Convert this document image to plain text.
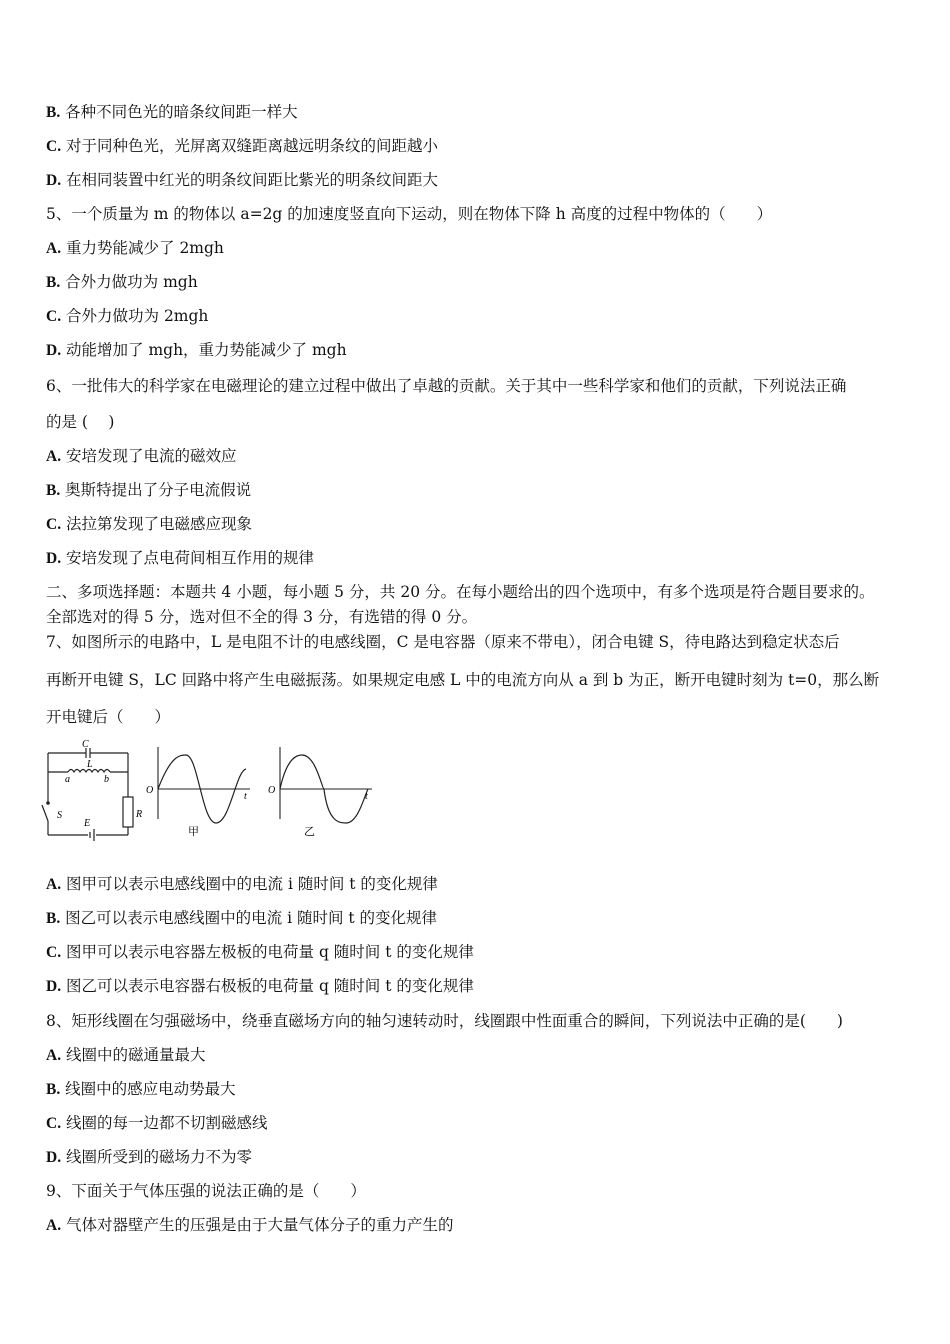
B. 各种不同色光的暗条纹间距一样大
C. 对于同种色光，光屏离双缝距离越远明条纹的间距越小
D. 在相同装置中红光的明条纹间距比紫光的明条纹间距大
5、一个质量为 m 的物体以 a=2g 的加速度竖直向下运动，则在物体下降 h 高度的过程中物体的（　　）
A. 重力势能减少了 2mgh
B. 合外力做功为 mgh
C. 合外力做功为 2mgh
D. 动能增加了 mgh，重力势能减少了 mgh
6、一批伟大的科学家在电磁理论的建立过程中做出了卓越的贡献。关于其中一些科学家和他们的贡献，下列说法正确
的是 (　 )
A. 安培发现了电流的磁效应
B. 奥斯特提出了分子电流假说
C. 法拉第发现了电磁感应现象
D. 安培发现了点电荷间相互作用的规律
二、多项选择题：本题共 4 小题，每小题 5 分，共 20 分。在每小题给出的四个选项中，有多个选项是符合题目要求的。
全部选对的得 5 分，选对但不全的得 3 分，有选错的得 0 分。
7、如图所示的电路中，L 是电阻不计的电感线圈，C 是电容器（原来不带电），闭合电键 S，待电路达到稳定状态后
再断开电键 S，LC 回路中将产生电磁振荡。如果规定电感 L 中的电流方向从 a 到 b 为正，断开电键时刻为 t=0，那么断
开电键后（　　）
C
L
a	b
S
E
R
O
t
甲
O
t
乙
A. 图甲可以表示电感线圈中的电流 i 随时间 t 的变化规律
B. 图乙可以表示电感线圈中的电流 i 随时间 t 的变化规律
C. 图甲可以表示电容器左极板的电荷量 q 随时间 t 的变化规律
D. 图乙可以表示电容器右极板的电荷量 q 随时间 t 的变化规律
8、矩形线圈在匀强磁场中，绕垂直磁场方向的轴匀速转动时，线圈跟中性面重合的瞬间，下列说法中正确的是(　　)
A. 线圈中的磁通量最大
B. 线圈中的感应电动势最大
C. 线圈的每一边都不切割磁感线
D. 线圈所受到的磁场力不为零
9、下面关于气体压强的说法正确的是（　　）
A. 气体对器壁产生的压强是由于大量气体分子的重力产生的
